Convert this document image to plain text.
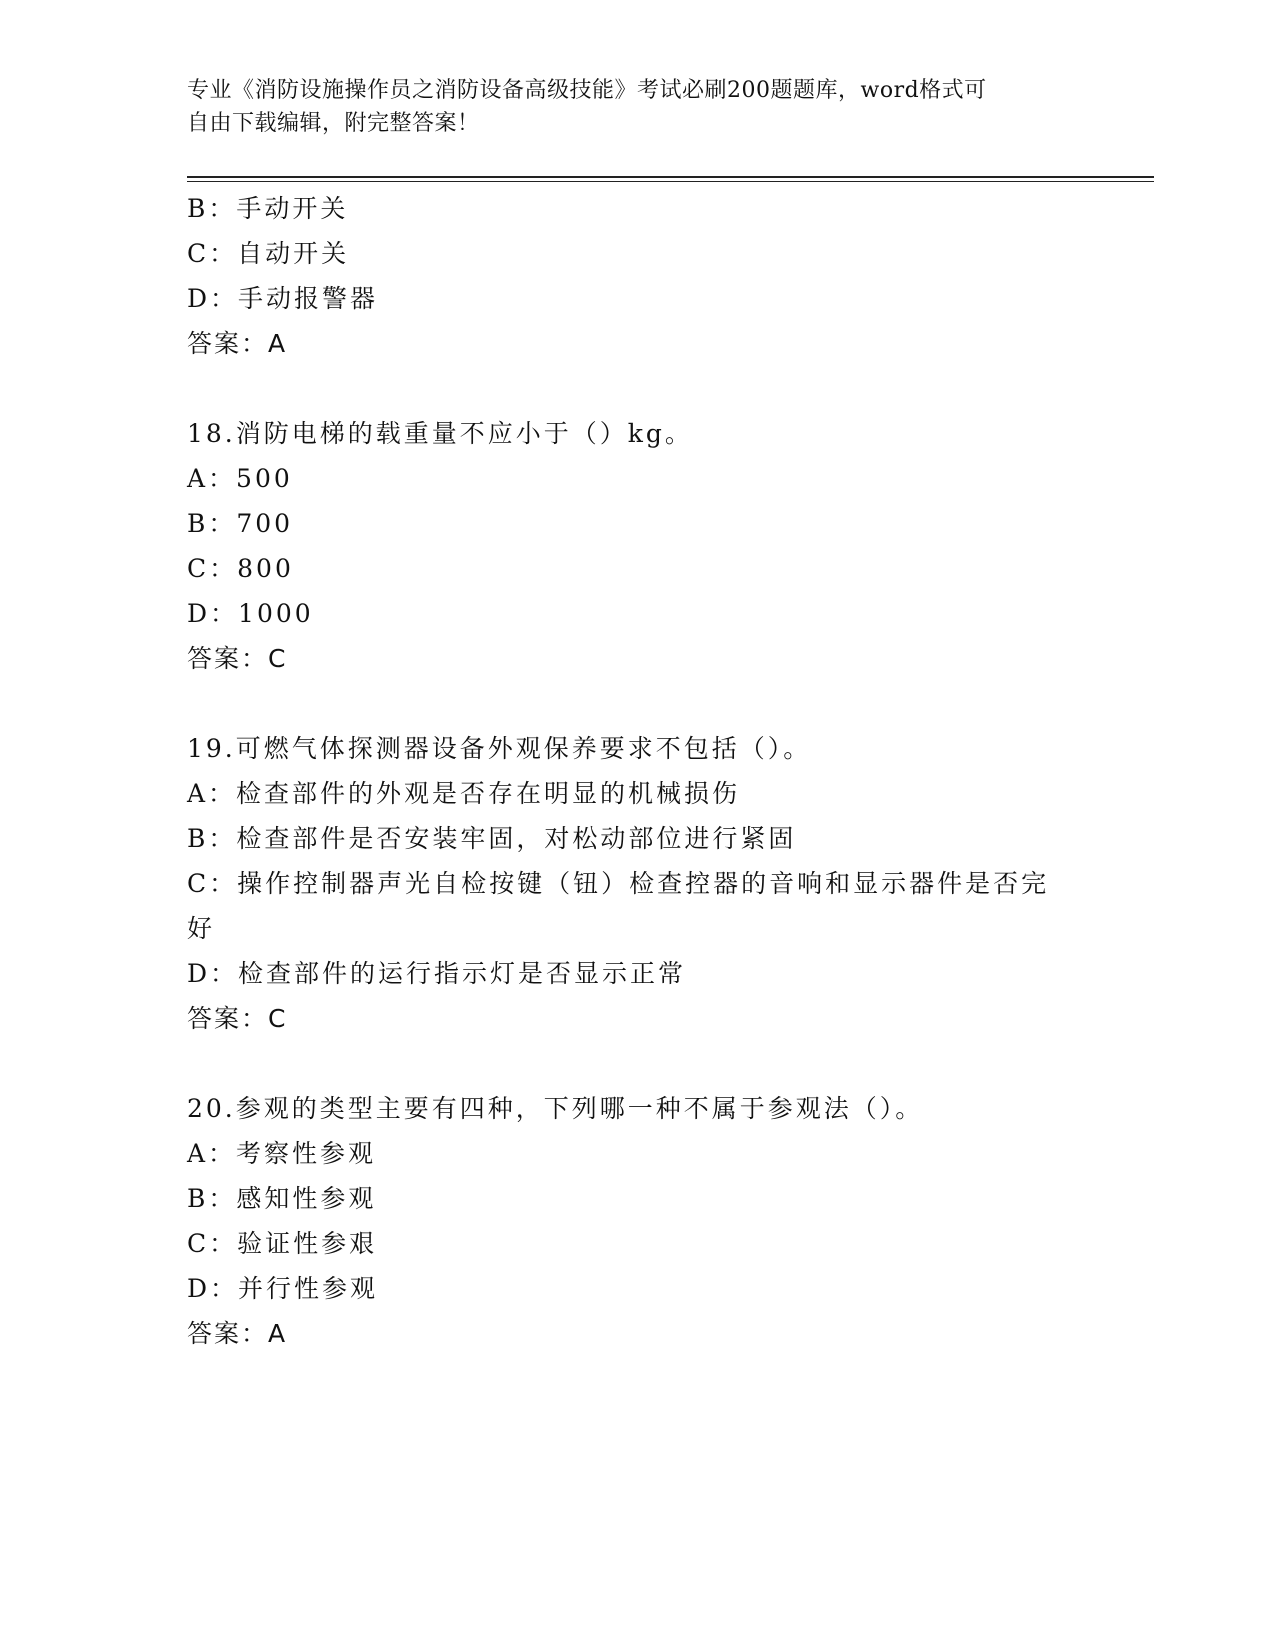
专业《消防设施操作员之消防设备高级技能》考试必刷200题题库，word格式可
自由下载编辑，附完整答案！
B：手动开关
C：自动开关
D：手动报警器
答案：A
18.消防电梯的载重量不应小于（）kg。
A：500
B：700
C：800
D：1000
答案：C
19.可燃气体探测器设备外观保养要求不包括（）。
A：检查部件的外观是否存在明显的机械损伤
B：检查部件是否安装牢固，对松动部位进行紧固
C：操作控制器声光自检按键（钮）检查控器的音响和显示器件是否完
好
D：检查部件的运行指示灯是否显示正常
答案：C
20.参观的类型主要有四种，下列哪一种不属于参观法（）。
A：考察性参观
B：感知性参观
C：验证性参艰
D：并行性参观
答案：A
